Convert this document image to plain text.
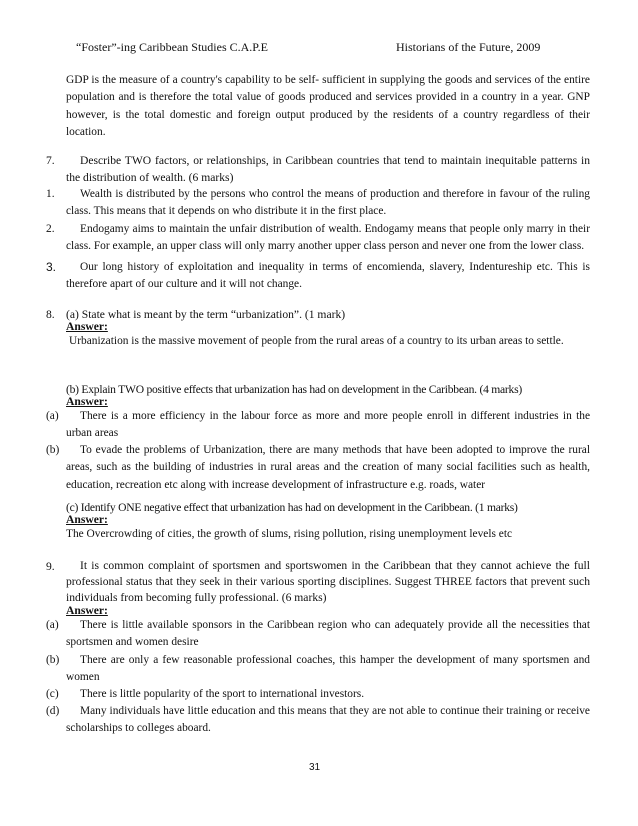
“Foster”-ing Caribbean Studies C.A.P.E	Historians of the Future, 2009
GDP is the measure of a country's capability to be self- sufficient in supplying the goods and services of the entire population and is therefore the total value of goods produced and services provided in a country in a year. GNP however, is the total domestic and foreign output produced by the residents of a country regardless of their location.
7.	Describe TWO factors, or relationships, in Caribbean countries that tend to maintain inequitable patterns in the distribution of wealth. (6 marks)
1.	Wealth is distributed by the persons who control the means of production and therefore in favour of the ruling class. This means that it depends on who distribute it in the first place.
2.	Endogamy aims to maintain the unfair distribution of wealth. Endogamy means that people only marry in their class. For example, an upper class will only marry another upper class person and never one from the lower class.
3.	Our long history of exploitation and inequality in terms of encomienda, slavery, Indentureship etc. This is therefore apart of our culture and it will not change.
8. (a) State what is meant by the term “urbanization”. (1 mark)
Answer:
Urbanization is the massive movement of people from the rural areas of a country to its urban areas to settle.
(b) Explain TWO positive effects that urbanization has had on development in the Caribbean. (4 marks)
Answer:
(a)	There is a more efficiency in the labour force as more and more people enroll in different industries in the urban areas
(b)	To evade the problems of Urbanization, there are many methods that have been adopted to improve the rural areas, such as the building of industries in rural areas and the creation of many social facilities such as health, education, recreation etc along with increase development of infrastructure e.g. roads, water
(c) Identify ONE negative effect that urbanization has had on development in the Caribbean. (1 marks)
Answer:
The Overcrowding of cities, the growth of slums, rising pollution, rising unemployment levels etc
9.	It is common complaint of sportsmen and sportswomen in the Caribbean that they cannot achieve the full professional status that they seek in their various sporting disciplines. Suggest THREE factors that prevent such individuals from becoming fully professional. (6 marks)
Answer:
(a)	There is little available sponsors in the Caribbean region who can adequately provide all the necessities that sportsmen and women desire
(b)	There are only a few reasonable professional coaches, this hamper the development of many sportsmen and women
(c)	There is little popularity of the sport to international investors.
(d)	Many individuals have little education and this means that they are not able to continue their training or receive scholarships to colleges aboard.
31
